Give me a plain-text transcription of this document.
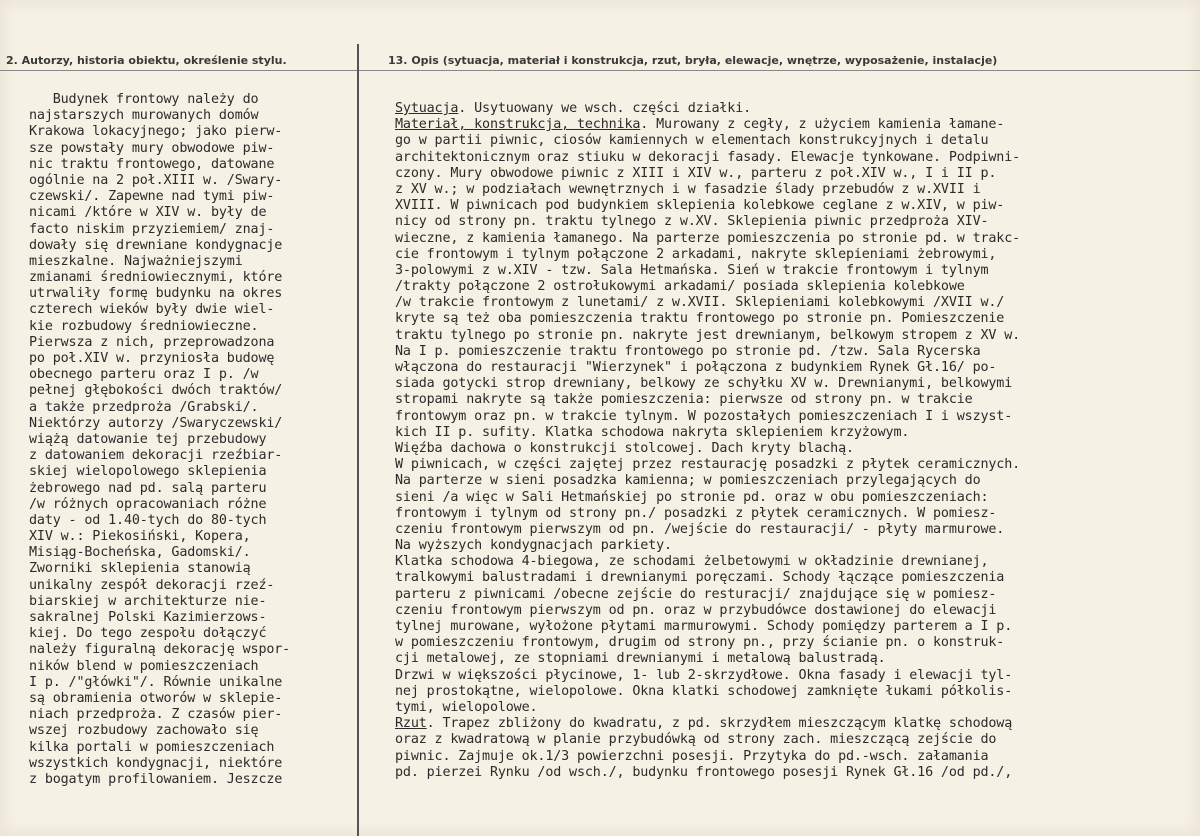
2. Autorzy, historia obiektu, określenie stylu.	13. Opis (sytuacja, materiał i konstrukcja, rzut, bryła, elewacje, wnętrze, wyposażenie, instalacje)
Budynek frontowy należy do
najstarszych murowanych domów
Krakowa lokacyjnego; jako pierw-
sze powstały mury obwodowe piw-
nic traktu frontowego, datowane
ogólnie na 2 poł.XIII w. /Swary-
czewski/. Zapewne nad tymi piw-
nicami /które w XIV w. były de
facto niskim przyziemiem/ znaj-
dowały się drewniane kondygnacje
mieszkalne. Najważniejszymi
zmianami średniowiecznymi, które
utrwaliły formę budynku na okres
czterech wieków były dwie wiel-
kie rozbudowy średniowieczne.
Pierwsza z nich, przeprowadzona
po poł.XIV w. przyniosła budowę
obecnego parteru oraz I p. /w
pełnej głębokości dwóch traktów/
a także przedproża /Grabski/.
Niektórzy autorzy /Swaryczewski/
wiążą datowanie tej przebudowy
z datowaniem dekoracji rzeźbiar-
skiej wielopolowego sklepienia
żebrowego nad pd. salą parteru
/w różnych opracowaniach różne
daty - od 1.40-tych do 80-tych
XIV w.: Piekosiński, Kopera,
Misiąg-Bocheńska, Gadomski/.
Zworniki sklepienia stanowią
unikalny zespół dekoracji rzeź-
biarskiej w architekturze nie-
sakralnej Polski Kazimierzows-
kiej. Do tego zespołu dołączyć
należy figuralną dekorację wspor-
ników blend w pomieszczeniach
I p. /"główki"/. Równie unikalne
są obramienia otworów w sklepie-
niach przedproża. Z czasów pier-
wszej rozbudowy zachowało się
kilka portali w pomieszczeniach
wszystkich kondygnacji, niektóre
z bogatym profilowaniem. Jeszcze
Sytuacja. Usytuowany we wsch. części działki.
Materiał, konstrukcja, technika. Murowany z cegły, z użyciem kamienia łamane-
go w partii piwnic, ciosów kamiennych w elementach konstrukcyjnych i detalu
architektonicznym oraz stiuku w dekoracji fasady. Elewacje tynkowane. Podpiwni-
czony. Mury obwodowe piwnic z XIII i XIV w., parteru z poł.XIV w., I i II p.
z XV w.; w podziałach wewnętrznych i w fasadzie ślady przebudów z w.XVII i
XVIII. W piwnicach pod budynkiem sklepienia kolebkowe ceglane z w.XIV, w piw-
nicy od strony pn. traktu tylnego z w.XV. Sklepienia piwnic przedproża XIV-
wieczne, z kamienia łamanego. Na parterze pomieszczenia po stronie pd. w trakc-
cie frontowym i tylnym połączone 2 arkadami, nakryte sklepieniami żebrowymi,
3-polowymi z w.XIV - tzw. Sala Hetmańska. Sień w trakcie frontowym i tylnym
/trakty połączone 2 ostrołukowymi arkadami/ posiada sklepienia kolebkowe
/w trakcie frontowym z lunetami/ z w.XVII. Sklepieniami kolebkowymi /XVII w./
kryte są też oba pomieszczenia traktu frontowego po stronie pn. Pomieszczenie
traktu tylnego po stronie pn. nakryte jest drewnianym, belkowym stropem z XV w.
Na I p. pomieszczenie traktu frontowego po stronie pd. /tzw. Sala Rycerska
włączona do restauracji "Wierzynek" i połączona z budynkiem Rynek Gł.16/ po-
siada gotycki strop drewniany, belkowy ze schyłku XV w. Drewnianymi, belkowymi
stropami nakryte są także pomieszczenia: pierwsze od strony pn. w trakcie
frontowym oraz pn. w trakcie tylnym. W pozostałych pomieszczeniach I i wszyst-
kich II p. sufity. Klatka schodowa nakryta sklepieniem krzyżowym.
Więźba dachowa o konstrukcji stolcowej. Dach kryty blachą.
W piwnicach, w części zajętej przez restaurację posadzki z płytek ceramicznych.
Na parterze w sieni posadzka kamienna; w pomieszczeniach przylegających do
sieni /a więc w Sali Hetmańskiej po stronie pd. oraz w obu pomieszczeniach:
frontowym i tylnym od strony pn./ posadzki z płytek ceramicznych. W pomiesz-
czeniu frontowym pierwszym od pn. /wejście do restauracji/ - płyty marmurowe.
Na wyższych kondygnacjach parkiety.
Klatka schodowa 4-biegowa, ze schodami żelbetowymi w okładzinie drewnianej,
tralkowymi balustradami i drewnianymi poręczami. Schody łączące pomieszczenia
parteru z piwnicami /obecne zejście do resturacji/ znajdujące się w pomiesz-
czeniu frontowym pierwszym od pn. oraz w przybudówce dostawionej do elewacji
tylnej murowane, wyłożone płytami marmurowymi. Schody pomiędzy parterem a I p.
w pomieszczeniu frontowym, drugim od strony pn., przy ścianie pn. o konstruk-
cji metalowej, ze stopniami drewnianymi i metalową balustradą.
Drzwi w większości płycinowe, 1- lub 2-skrzydłowe. Okna fasady i elewacji tyl-
nej prostokątne, wielopolowe. Okna klatki schodowej zamknięte łukami półkolis-
tymi, wielopolowe.
Rzut. Trapez zbliżony do kwadratu, z pd. skrzydłem mieszczącym klatkę schodową
oraz z kwadratową w planie przybudówką od strony zach. mieszczącą zejście do
piwnic. Zajmuje ok.1/3 powierzchni posesji. Przytyka do pd.-wsch. załamania
pd. pierzei Rynku /od wsch./, budynku frontowego posesji Rynek Gł.16 /od pd./,
